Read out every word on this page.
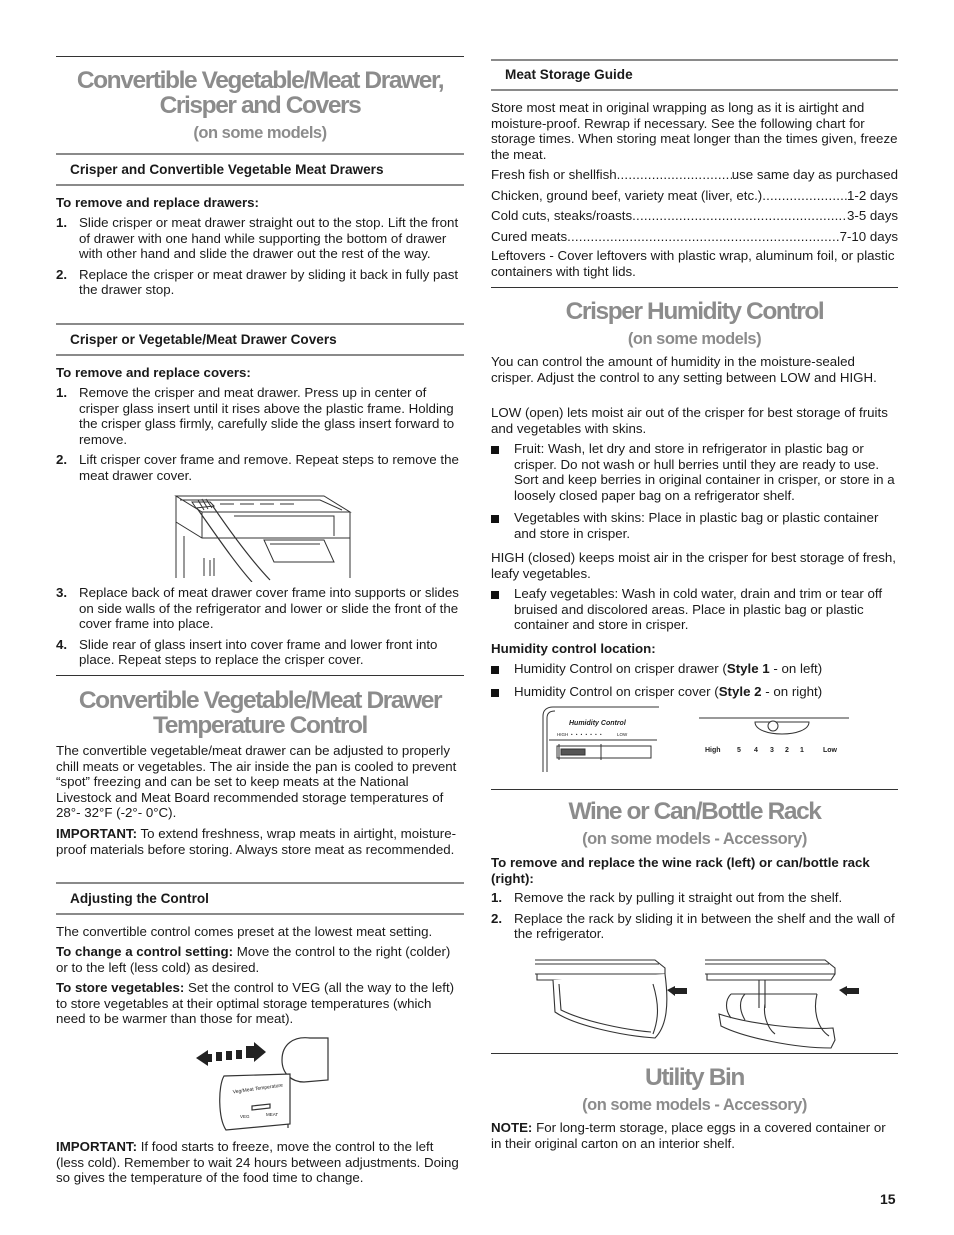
Convertible Vegetable/Meat Drawer,
Crisper and Covers
(on some models)
Crisper and Convertible Vegetable Meat Drawers
To remove and replace drawers:
1. Slide crisper or meat drawer straight out to the stop. Lift the front of drawer with one hand while supporting the bottom of drawer with other hand and slide the drawer out the rest of the way.

2. Replace the crisper or meat drawer by sliding it back in fully past the drawer stop.

Crisper or Vegetable/Meat Drawer Covers
To remove and replace covers:
1. Remove the crisper and meat drawer. Press up in center of crisper glass insert until it rises above the plastic frame. Holding the crisper glass firmly, carefully slide the glass insert forward to remove.

2. Lift crisper cover frame and remove. Repeat steps to remove the meat drawer cover.

3. Replace back of meat drawer cover frame into supports or slides on side walls of the refrigerator and lower or slide the front of the cover frame into place.

4. Slide rear of glass insert into cover frame and lower front into place. Repeat steps to replace the crisper cover.

Convertible Vegetable/Meat Drawer
Temperature Control

The convertible vegetable/meat drawer can be adjusted to properly chill meats or vegetables. The air inside the pan is cooled to prevent “spot” freezing and can be set to keep meats at the National Livestock and Meat Board recommended storage temperatures of 28°- 32°F (-2°- 0°C).

IMPORTANT: To extend freshness, wrap meats in airtight, moisture-proof materials before storing. Always store meat as recommended.

Adjusting the Control

The convertible control comes preset at the lowest meat setting.

To change a control setting: Move the control to the right (colder) or to the left (less cold) as desired.

To store vegetables: Set the control to VEG (all the way to the left) to store vegetables at their optimal storage temperatures (which need to be warmer than those for meat).

Veg/Meat Temperature
VEG	MEAT

IMPORTANT: If food starts to freeze, move the control to the left (less cold). Remember to wait 24 hours between adjustments. Doing so gives the temperature of the food time to change.

Meat Storage Guide

Store most meat in original wrapping as long as it is airtight and moisture-proof. Rewrap if necessary. See the following chart for storage times. When storing meat longer than the times given, freeze the meat.

Fresh fish or shellfish .....	use same day as purchased
Chicken, ground beef, variety meat (liver, etc.) .....	1-2 days
Cold cuts, steaks/roasts .....	3-5 days
Cured meats .....	7-10 days

Leftovers - Cover leftovers with plastic wrap, aluminum foil, or plastic containers with tight lids.

Crisper Humidity Control
(on some models)

You can control the amount of humidity in the moisture-sealed crisper. Adjust the control to any setting between LOW and HIGH.

LOW (open) lets moist air out of the crisper for best storage of fruits and vegetables with skins.

Fruit: Wash, let dry and store in refrigerator in plastic bag or crisper. Do not wash or hull berries until they are ready to use. Sort and keep berries in original container in crisper, or store in a loosely closed paper bag on a refrigerator shelf.

Vegetables with skins: Place in plastic bag or plastic container and store in crisper.

HIGH (closed) keeps moist air in the crisper for best storage of fresh, leafy vegetables.

Leafy vegetables: Wash in cold water, drain and trim or tear off bruised and discolored areas. Place in plastic bag or plastic container and store in crisper.

Humidity control location:

Humidity Control on crisper drawer (Style 1 - on left)

Humidity Control on crisper cover (Style 2 - on right)

Humidity Control
HIGH • • • • • • •	LOW
High 5 4 3 2 1	Low
Wine or Can/Bottle Rack
(on some models - Accessory)

To remove and replace the wine rack (left) or can/bottle rack (right):

1. Remove the rack by pulling it straight out from the shelf.

2. Replace the rack by sliding it in between the shelf and the wall of the refrigerator.

Utility Bin
(on some models - Accessory)

NOTE: For long-term storage, place eggs in a covered container or in their original carton on an interior shelf.

15
